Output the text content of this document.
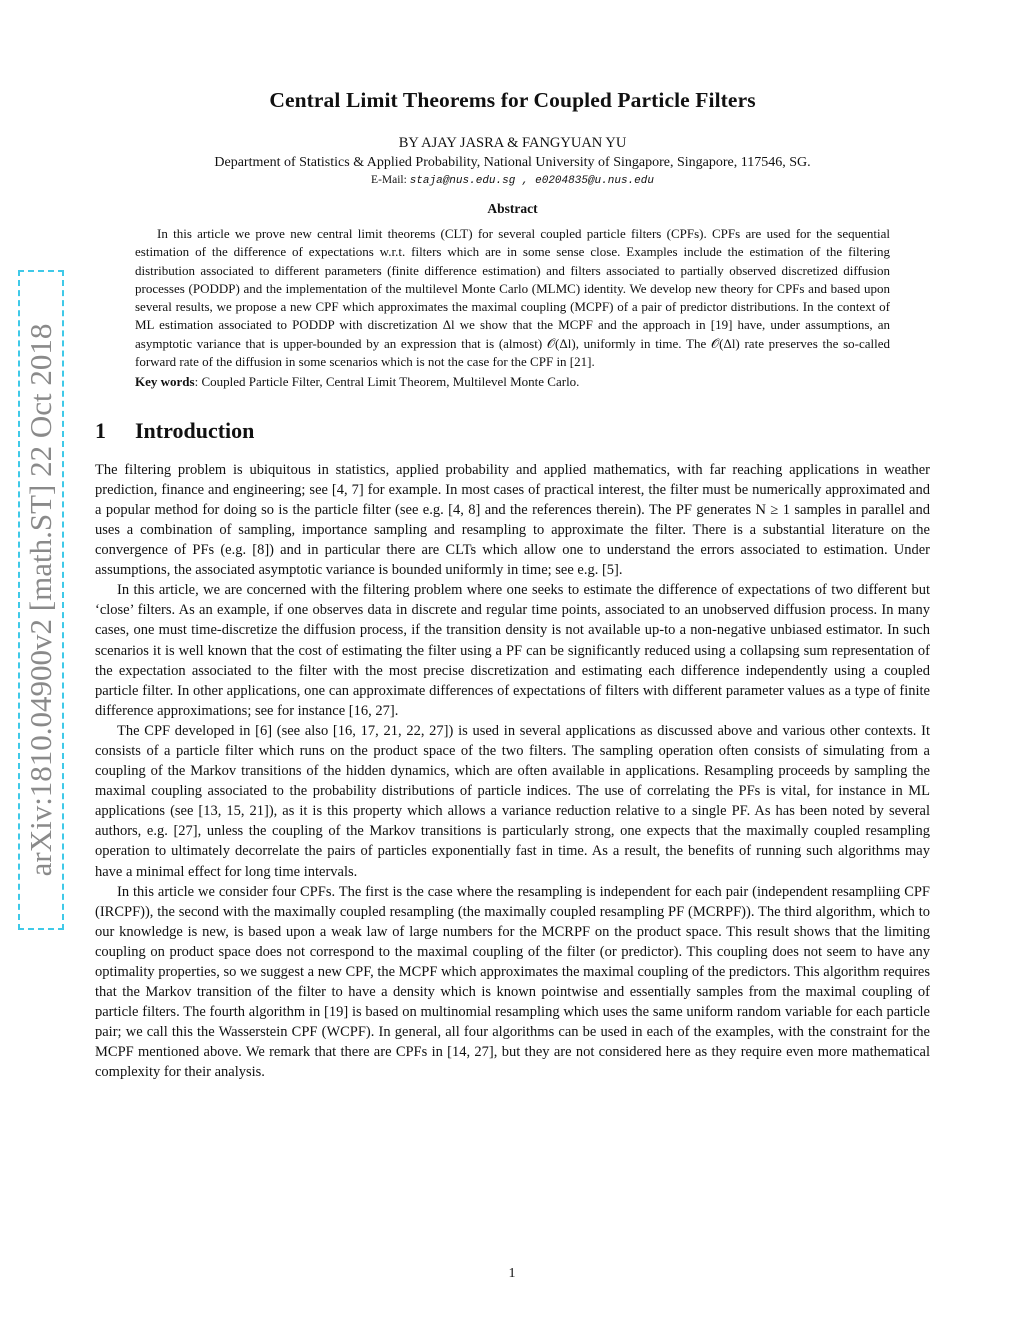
arXiv:1810.04900v2 [math.ST] 22 Oct 2018
Central Limit Theorems for Coupled Particle Filters
BY AJAY JASRA & FANGYUAN YU
Department of Statistics & Applied Probability, National University of Singapore, Singapore, 117546, SG.
E-Mail: staja@nus.edu.sg , e0204835@u.nus.edu
Abstract
In this article we prove new central limit theorems (CLT) for several coupled particle filters (CPFs). CPFs are used for the sequential estimation of the difference of expectations w.r.t. filters which are in some sense close. Examples include the estimation of the filtering distribution associated to different parameters (finite difference estimation) and filters associated to partially observed discretized diffusion processes (PODDP) and the implementation of the multilevel Monte Carlo (MLMC) identity. We develop new theory for CPFs and based upon several results, we propose a new CPF which approximates the maximal coupling (MCPF) of a pair of predictor distributions. In the context of ML estimation associated to PODDP with discretization Δl we show that the MCPF and the approach in [19] have, under assumptions, an asymptotic variance that is upper-bounded by an expression that is (almost) 𝒪(Δl), uniformly in time. The 𝒪(Δl) rate preserves the so-called forward rate of the diffusion in some scenarios which is not the case for the CPF in [21].
Key words: Coupled Particle Filter, Central Limit Theorem, Multilevel Monte Carlo.
1 Introduction

The filtering problem is ubiquitous in statistics, applied probability and applied mathematics, with far reaching applications in weather prediction, finance and engineering; see [4, 7] for example. In most cases of practical interest, the filter must be numerically approximated and a popular method for doing so is the particle filter (see e.g. [4, 8] and the references therein). The PF generates N ≥ 1 samples in parallel and uses a combination of sampling, importance sampling and resampling to approximate the filter. There is a substantial literature on the convergence of PFs (e.g. [8]) and in particular there are CLTs which allow one to understand the errors associated to estimation. Under assumptions, the associated asymptotic variance is bounded uniformly in time; see e.g. [5].

In this article, we are concerned with the filtering problem where one seeks to estimate the difference of expectations of two different but ‘close’ filters. As an example, if one observes data in discrete and regular time points, associated to an unobserved diffusion process. In many cases, one must time-discretize the diffusion process, if the transition density is not available up-to a non-negative unbiased estimator. In such scenarios it is well known that the cost of estimating the filter using a PF can be significantly reduced using a collapsing sum representation of the expectation associated to the filter with the most precise discretization and estimating each difference independently using a coupled particle filter. In other applications, one can approximate differences of expectations of filters with different parameter values as a type of finite difference approximations; see for instance [16, 27].

The CPF developed in [6] (see also [16, 17, 21, 22, 27]) is used in several applications as discussed above and various other contexts. It consists of a particle filter which runs on the product space of the two filters. The sampling operation often consists of simulating from a coupling of the Markov transitions of the hidden dynamics, which are often available in applications. Resampling proceeds by sampling the maximal coupling associated to the probability distributions of particle indices. The use of correlating the PFs is vital, for instance in ML applications (see [13, 15, 21]), as it is this property which allows a variance reduction relative to a single PF. As has been noted by several authors, e.g. [27], unless the coupling of the Markov transitions is particularly strong, one expects that the maximally coupled resampling operation to ultimately decorrelate the pairs of particles exponentially fast in time. As a result, the benefits of running such algorithms may have a minimal effect for long time intervals.

In this article we consider four CPFs. The first is the case where the resampling is independent for each pair (independent resampliing CPF (IRCPF)), the second with the maximally coupled resampling (the maximally coupled resampling PF (MCRPF)). The third algorithm, which to our knowledge is new, is based upon a weak law of large numbers for the MCRPF on the product space. This result shows that the limiting coupling on product space does not correspond to the maximal coupling of the filter (or predictor). This coupling does not seem to have any optimality properties, so we suggest a new CPF, the MCPF which approximates the maximal coupling of the predictors. This algorithm requires that the Markov transition of the filter to have a density which is known pointwise and essentially samples from the maximal coupling of particle filters. The fourth algorithm in [19] is based on multinomial resampling which uses the same uniform random variable for each particle pair; we call this the Wasserstein CPF (WCPF). In general, all four algorithms can be used in each of the examples, with the constraint for the MCPF mentioned above. We remark that there are CPFs in [14, 27], but they are not considered here as they require even more mathematical complexity for their analysis.

1
